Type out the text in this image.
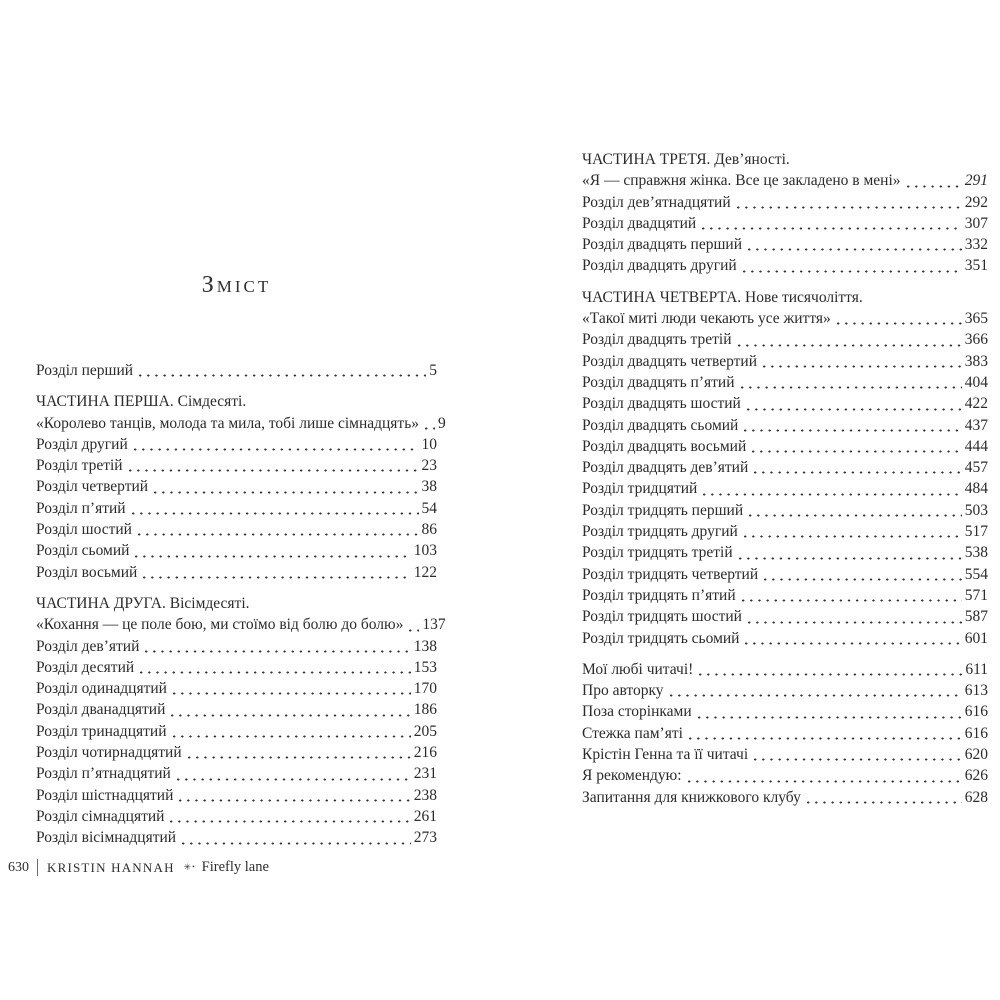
Зміст
Розділ перший	5
ЧАСТИНА ПЕРША. Сімдесяті.
«Королево танців, молода та мила, тобі лише сімнадцять» 9
Розділ другий	10
Розділ третій	23
Розділ четвертий	38
Розділ п’ятий	54
Розділ шостий	86
Розділ сьомий	103
Розділ восьмий	122
ЧАСТИНА ДРУГА. Вісімдесяті.
«Кохання — це поле бою, ми стоїмо від болю до болю» 137
Розділ дев’ятий	138
Розділ десятий	153
Розділ одинадцятий	170
Розділ дванадцятий	186
Розділ тринадцятий	205
Розділ чотирнадцятий	216
Розділ п’ятнадцятий	231
Розділ шістнадцятий	238
Розділ сімнадцятий	261
Розділ вісімнадцятий	273
ЧАСТИНА ТРЕТЯ. Дев’яності.
«Я — справжня жінка. Все це закладено в мені»	291
Розділ дев’ятнадцятий	292
Розділ двадцятий	307
Розділ двадцять перший	332
Розділ двадцять другий	351
ЧАСТИНА ЧЕТВЕРТА. Нове тисячоліття.
«Такої миті люди чекають усе життя»	365
Розділ двадцять третій	366
Розділ двадцять четвертий	383
Розділ двадцять п’ятий	404
Розділ двадцять шостий	422
Розділ двадцять сьомий	437
Розділ двадцять восьмий	444
Розділ двадцять дев’ятий	457
Розділ тридцятий	484
Розділ тридцять перший	503
Розділ тридцять другий	517
Розділ тридцять третій	538
Розділ тридцять четвертий	554
Розділ тридцять п’ятий	571
Розділ тридцять шостий	587
Розділ тридцять сьомий	601
Мої любі читачі!	611
Про авторку	613
Поза сторінками	616
Стежка пам’яті	616
Крістін Генна та її читачі	620
Я рекомендую:	626
Запитання для книжкового клубу	628
630 KRISTIN HANNAH ✳ • Firefly lane
